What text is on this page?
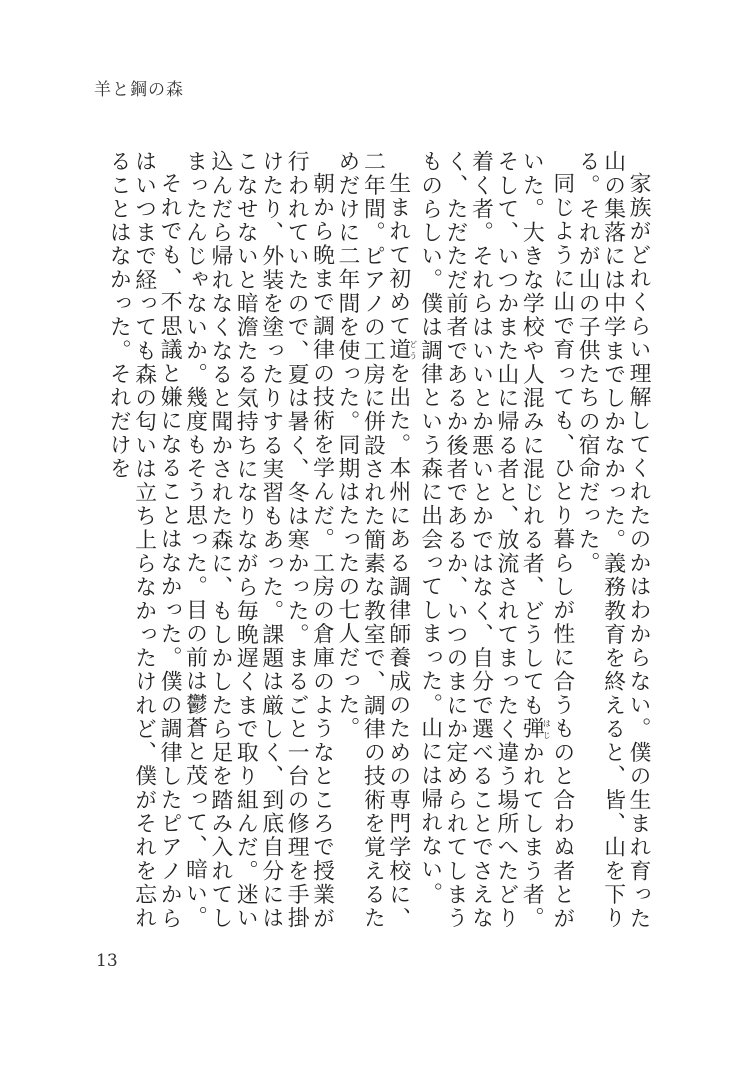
羊と鋼の森

家族がどれくらい理解してくれたのかはわからない。僕の生まれ育った山の集落には中学までしかなかった。義務教育を終えると、皆、山を下りる。それが山の子供たちの宿命だった。

同じように山で育っても、ひとり暮らしが性に合うものと合わぬ者とがいた。大きな学校や人混みに混じれる者、どうしても弾はじかれてしまう者。そして、いつかまた山に帰る者と、放流されてまったく違う場所へたどり着く者。それらはいいとか悪いとかではなく、自分で選べることでさえなく、ただただ前者であるか後者であるか、いつのまにか定められてしまうものらしい。僕は調律という森に出会ってしまった。山には帰れない。

生まれて初めて道どうを出た。本州にある調律師養成のための専門学校に、二年間。ピアノの工房に併設された簡素な教室で、調律の技術を覚えるためだけに二年間を使った。同期はたったの七人だった。

朝から晩まで調律の技術を学んだ。工房の倉庫のようなところで授業が行われていたので、夏は暑く、冬は寒かった。まるごと一台の修理を手掛けたり、外装を塗ったりする実習もあった。課題は厳しく、到底自分にはこなせないと暗澹たる気持ちになりながら毎晩遅くまで取り組んだ。迷い込んだら帰れなくなると聞かされた森に、もしかしたら足を踏み入れてしまったんじゃないか。幾度もそう思った。目の前は鬱蒼と茂って、暗い。

それでも、不思議と嫌になることはなかった。僕の調律したピアノからはいつまで経っても森の匂いは立ち上らなかったけれど、僕がそれを忘れることはなかった。それだけを

13
